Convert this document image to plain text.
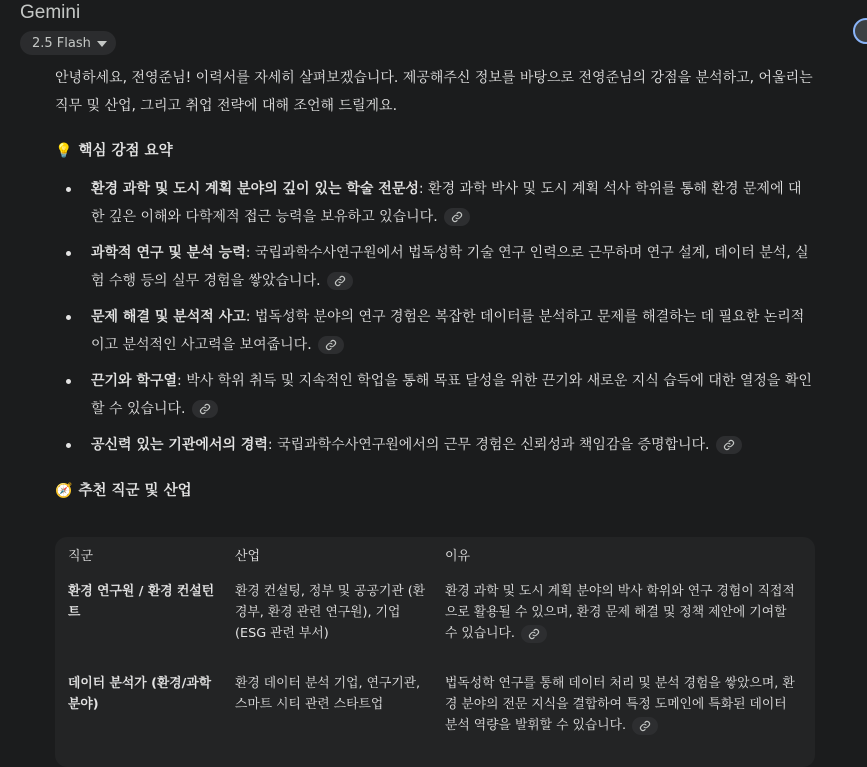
Gemini
2.5 Flash

안녕하세요, 전영준님! 이력서를 자세히 살펴보겠습니다. 제공해주신 정보를 바탕으로 전영준님의 강점을 분석하고, 어울리는 직무 및 산업, 그리고 취업 전략에 대해 조언해 드릴게요.

💡 핵심 강점 요약
환경 과학 및 도시 계획 분야의 깊이 있는 학술 전문성: 환경 과학 박사 및 도시 계획 석사 학위를 통해 환경 문제에 대한 깊은 이해와 다학제적 접근 능력을 보유하고 있습니다.
과학적 연구 및 분석 능력: 국립과학수사연구원에서 법독성학 기술 연구 인력으로 근무하며 연구 설계, 데이터 분석, 실험 수행 등의 실무 경험을 쌓았습니다.
문제 해결 및 분석적 사고: 법독성학 분야의 연구 경험은 복잡한 데이터를 분석하고 문제를 해결하는 데 필요한 논리적이고 분석적인 사고력을 보여줍니다.
끈기와 학구열: 박사 학위 취득 및 지속적인 학업을 통해 목표 달성을 위한 끈기와 새로운 지식 습득에 대한 열정을 확인할 수 있습니다.
공신력 있는 기관에서의 경력: 국립과학수사연구원에서의 근무 경험은 신뢰성과 책임감을 증명합니다.
🧭 추천 직군 및 산업
직군	산업	이유
환경 연구원 / 환경 컨설턴트
환경 컨설팅, 정부 및 공공기관 (환경부, 환경 관련 연구원), 기업 (ESG 관련 부서)
환경 과학 및 도시 계획 분야의 박사 학위와 연구 경험이 직접적으로 활용될 수 있으며, 환경 문제 해결 및 정책 제안에 기여할 수 있습니다.
데이터 분석가 (환경/과학 분야)
환경 데이터 분석 기업, 연구기관, 스마트 시티 관련 스타트업
법독성학 연구를 통해 데이터 처리 및 분석 경험을 쌓았으며, 환경 분야의 전문 지식을 결합하여 특정 도메인에 특화된 데이터 분석 역량을 발휘할 수 있습니다.
